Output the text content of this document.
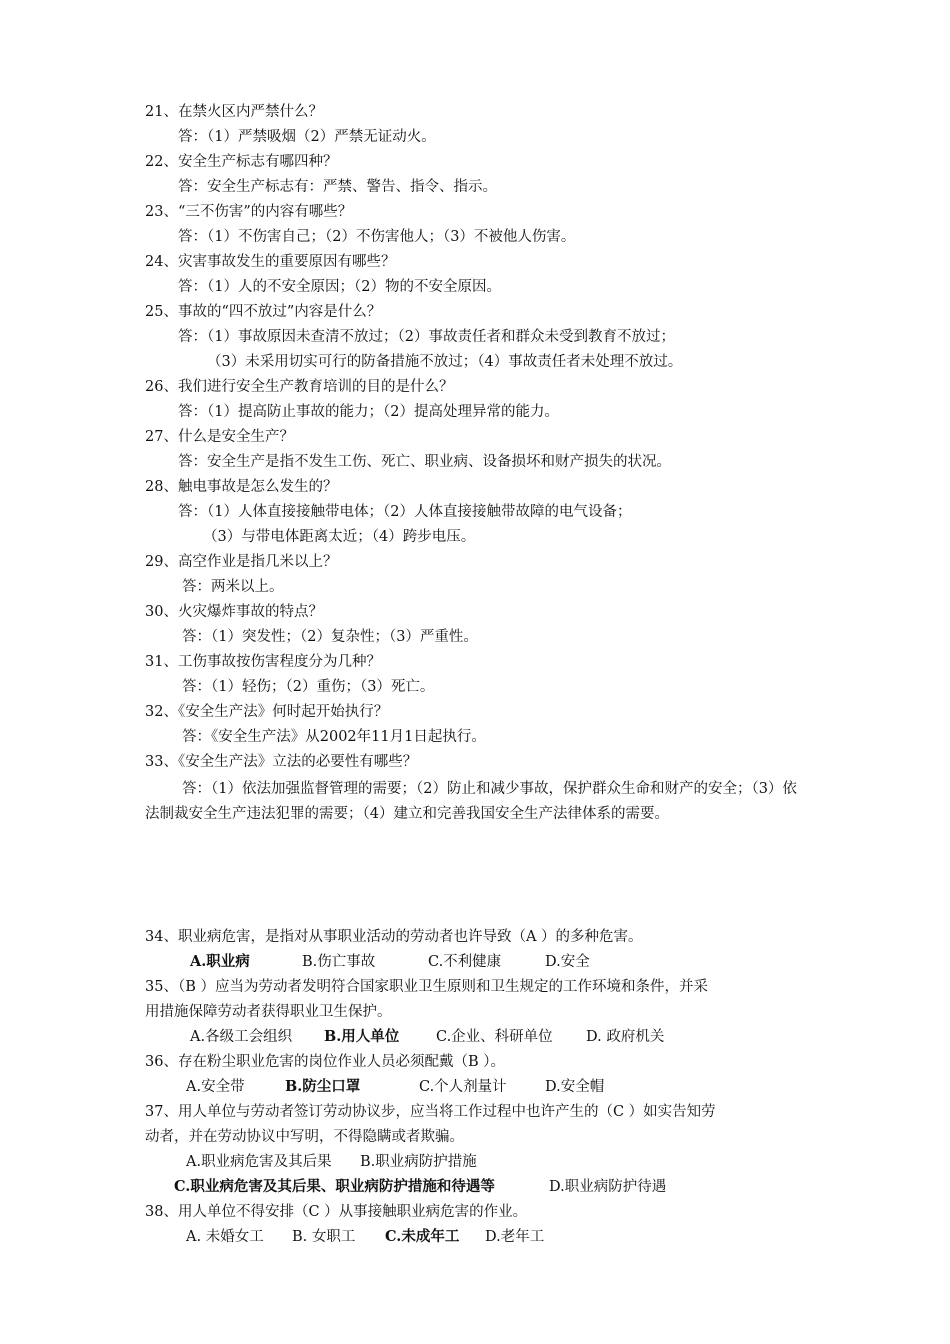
21、在禁火区内严禁什么？
答：（1）严禁吸烟（2）严禁无证动火。
22、安全生产标志有哪四种？
答：安全生产标志有：严禁、警告、指令、指示。
23、“三不伤害”的内容有哪些？
答：（1）不伤害自己；（2）不伤害他人；（3）不被他人伤害。
24、灾害事故发生的重要原因有哪些？
答：（1）人的不安全原因；（2）物的不安全原因。
25、事故的“四不放过”内容是什么？
答：（1）事故原因未查清不放过；（2）事故责任者和群众未受到教育不放过；
（3）未采用切实可行的防备措施不放过；（4）事故责任者未处理不放过。
26、我们进行安全生产教育培训的目的是什么？
答：（1）提高防止事故的能力；（2）提高处理异常的能力。
27、什么是安全生产？
答：安全生产是指不发生工伤、死亡、职业病、设备损坏和财产损失的状况。
28、触电事故是怎么发生的？
答：（1）人体直接接触带电体；（2）人体直接接触带故障的电气设备；
（3）与带电体距离太近；（4）跨步电压。
29、高空作业是指几米以上？
答：两米以上。
30、火灾爆炸事故的特点？
答：（1）突发性；（2）复杂性；（3）严重性。
31、工伤事故按伤害程度分为几种？
答：（1）轻伤；（2）重伤；（3）死亡。
32、《安全生产法》何时起开始执行？
答：《安全生产法》从2002年11月1日起执行。
33、《安全生产法》立法的必要性有哪些？
答：（1）依法加强监督管理的需要；（2）防止和减少事故，保护群众生命和财产的安全；（3）依法制裁安全生产违法犯罪的需要；（4）建立和完善我国安全生产法律体系的需要。
34、职业病危害，是指对从事职业活动的劳动者也许导致（A ）的多种危害。
A.职业病	B.伤亡事故	C.不利健康	D.安全
35、（B ）应当为劳动者发明符合国家职业卫生原则和卫生规定的工作环境和条件，并采
用措施保障劳动者获得职业卫生保护。
A.各级工会组织 B.用人单位	C.企业、科研单位 D. 政府机关
36、存在粉尘职业危害的岗位作业人员必须配戴（B ）。
A.安全带	B.防尘口罩	C.个人剂量计	D.安全帽
37、用人单位与劳动者签订劳动协议步，应当将工作过程中也许产生的（C ）如实告知劳
动者，并在劳动协议中写明，不得隐瞒或者欺骗。
A.职业病危害及其后果 B.职业病防护措施
C.职业病危害及其后果、职业病防护措施和待遇等	D.职业病防护待遇
38、用人单位不得安排（C ）从事接触职业病危害的作业。
A. 未婚女工 B. 女职工 C.未成年工 D.老年工
